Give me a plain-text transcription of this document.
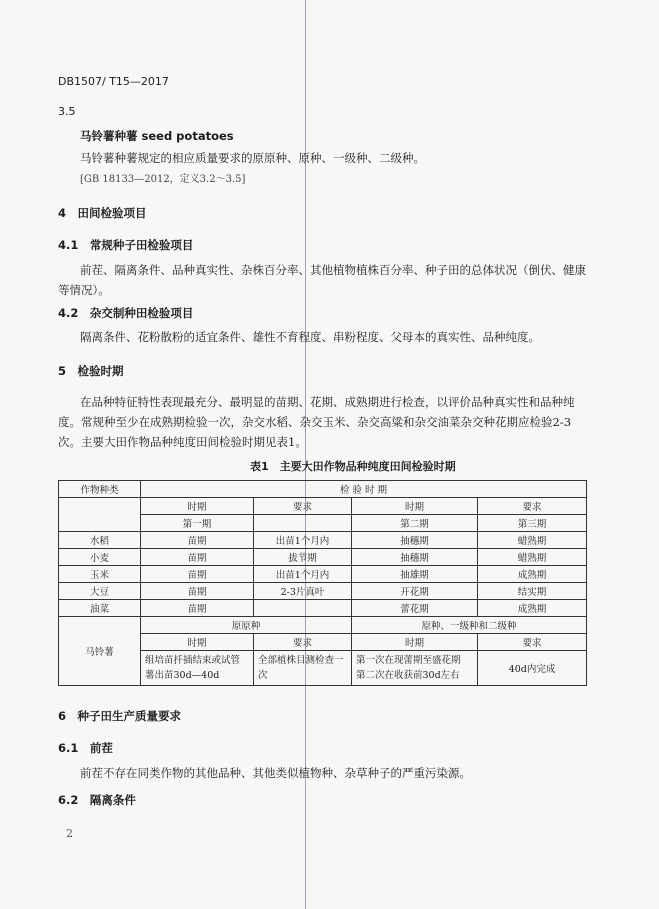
DB1507/ T15—2017
3.5
马铃薯种薯 seed potatoes
马铃薯种薯规定的相应质量要求的原原种、原种、一级种、二级种。
[GB 18133—2012，定义3.2～3.5]
4　田间检验项目
4.1　常规种子田检验项目
前茬、隔离条件、品种真实性、杂株百分率、其他植物植株百分率、种子田的总体状况（倒伏、健康等情况）。
4.2　杂交制种田检验项目
隔离条件、花粉散粉的适宜条件、雄性不育程度、串粉程度、父母本的真实性、品种纯度。
5　检验时期
在品种特征特性表现最充分、最明显的苗期、花期、成熟期进行检查，以评价品种真实性和品种纯度。常规种至少在成熟期检验一次，杂交水稻、杂交玉米、杂交高粱和杂交油菜杂交种花期应检验2-3次。主要大田作物品种纯度田间检验时期见表1。
表1　主要大田作物品种纯度田间检验时期
作物种类	检 验 时 期			
	时期	要求	时期	要求
	第一期		第二期	第三期
水稻	苗期	出苗1个月内	抽穗期	蜡熟期
小麦	苗期	拔节期	抽穗期	蜡熟期
玉米	苗期	出苗1个月内	抽雄期	成熟期
大豆	苗期	2-3片真叶	开花期	结实期
油菜	苗期		蕾花期	成熟期
马铃薯	原原种		原种、一级种和二级种	
	时期	要求	时期	要求
	组培苗扦插结束或试管薯出苗30d—40d	全部植株目测检查一次	第一次在现蕾期至盛花期 第二次在收获前30d左右	40d内完成
6　种子田生产质量要求
6.1　前茬
前茬不存在同类作物的其他品种、其他类似植物种、杂草种子的严重污染源。
6.2　隔离条件
2
